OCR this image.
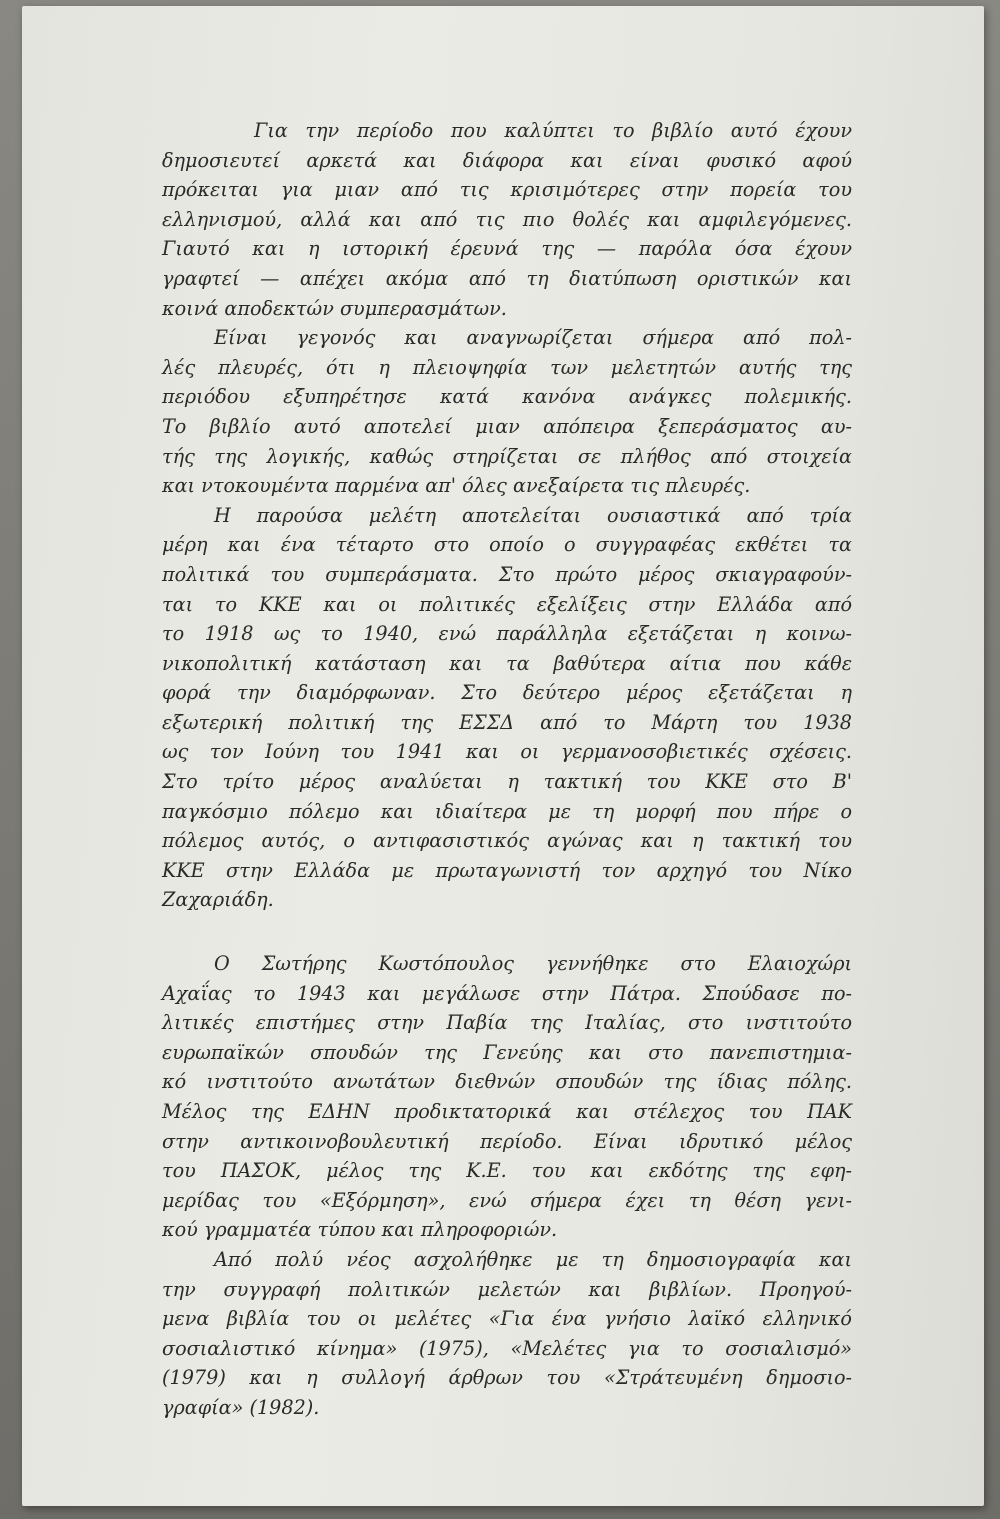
Για την περίοδο που καλύπτει το βιβλίο αυτό έχουν
δημοσιευτεί αρκετά και διάφορα και είναι φυσικό αφού
πρόκειται για μιαν από τις κρισιμότερες στην πορεία του
ελληνισμού, αλλά και από τις πιο θολές και αμφιλεγόμενες.
Γιαυτό και η ιστορική έρευνά της — παρόλα όσα έχουν
γραφτεί — απέχει ακόμα από τη διατύπωση οριστικών και
κοινά αποδεκτών συμπερασμάτων.

Είναι γεγονός και αναγνωρίζεται σήμερα από πολ-
λές πλευρές, ότι η πλειοψηφία των μελετητών αυτής της
περιόδου εξυπηρέτησε κατά κανόνα ανάγκες πολεμικής.
Το βιβλίο αυτό αποτελεί μιαν απόπειρα ξεπεράσματος αυ-
τής της λογικής, καθώς στηρίζεται σε πλήθος από στοιχεία
και ντοκουμέντα παρμένα απ' όλες ανεξαίρετα τις πλευρές.

Η παρούσα μελέτη αποτελείται ουσιαστικά από τρία
μέρη και ένα τέταρτο στο οποίο ο συγγραφέας εκθέτει τα
πολιτικά του συμπεράσματα. Στο πρώτο μέρος σκιαγραφούν-
ται το ΚΚΕ και οι πολιτικές εξελίξεις στην Ελλάδα από
το 1918 ως το 1940, ενώ παράλληλα εξετάζεται η κοινω-
νικοπολιτική κατάσταση και τα βαθύτερα αίτια που κάθε
φορά την διαμόρφωναν. Στο δεύτερο μέρος εξετάζεται η
εξωτερική πολιτική της ΕΣΣΔ από το Μάρτη του 1938
ως τον Ιούνη του 1941 και οι γερμανοσοβιετικές σχέσεις.
Στο τρίτο μέρος αναλύεται η τακτική του ΚΚΕ στο Β'
παγκόσμιο πόλεμο και ιδιαίτερα με τη μορφή που πήρε ο
πόλεμος αυτός, ο αντιφασιστικός αγώνας και η τακτική του
ΚΚΕ στην Ελλάδα με πρωταγωνιστή τον αρχηγό του Νίκο
Ζαχαριάδη.

Ο Σωτήρης Κωστόπουλος γεννήθηκε στο Ελαιοχώρι
Αχαΐας το 1943 και μεγάλωσε στην Πάτρα. Σπούδασε πο-
λιτικές επιστήμες στην Παβία της Ιταλίας, στο ινστιτούτο
ευρωπαϊκών σπουδών της Γενεύης και στο πανεπιστημια-
κό ινστιτούτο ανωτάτων διεθνών σπουδών της ίδιας πόλης.
Μέλος της ΕΔΗΝ προδικτατορικά και στέλεχος του ΠΑΚ
στην αντικοινοβουλευτική περίοδο. Είναι ιδρυτικό μέλος
του ΠΑΣΟΚ, μέλος της Κ.Ε. του και εκδότης της εφη-
μερίδας του «Εξόρμηση», ενώ σήμερα έχει τη θέση γενι-
κού γραμματέα τύπου και πληροφοριών.

Από πολύ νέος ασχολήθηκε με τη δημοσιογραφία και
την συγγραφή πολιτικών μελετών και βιβλίων. Προηγού-
μενα βιβλία του οι μελέτες «Για ένα γνήσιο λαϊκό ελληνικό
σοσιαλιστικό κίνημα» (1975), «Μελέτες για το σοσιαλισμό»
(1979) και η συλλογή άρθρων του «Στράτευμένη δημοσιο-
γραφία» (1982).
